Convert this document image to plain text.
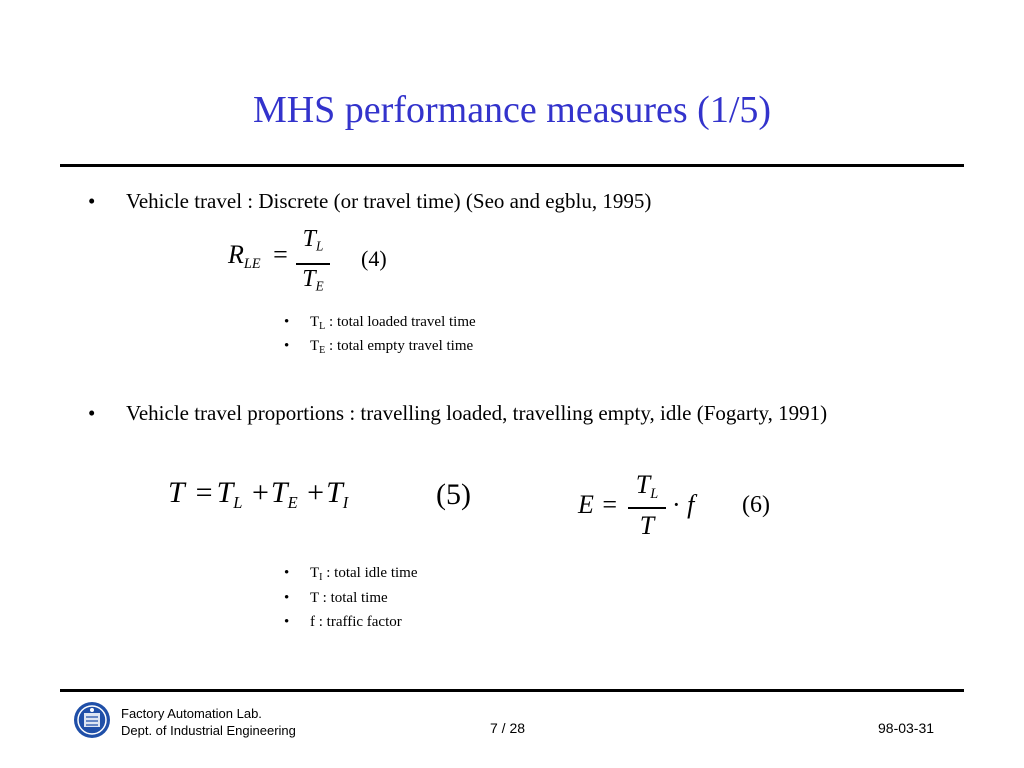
MHS performance measures (1/5)
• Vehicle travel : Discrete (or travel time) (Seo and egblu, 1995)
$R_{LE}$ =
$T_L$
$T_E$
(4)
• $T_L$ : total loaded travel time
• $T_E$ : total empty travel time
• Vehicle travel proportions : travelling loaded, travelling empty, idle (Fogarty, 1991)
$T = T_L +T_E +T_I$	(5)	E =
$T_L$
T
· f (6)
• $T_I$ : total idle time
• T : total time
• f : traffic factor
Factory Automation Lab.
Dept. of Industrial Engineering	7 / 28	98-03-31
